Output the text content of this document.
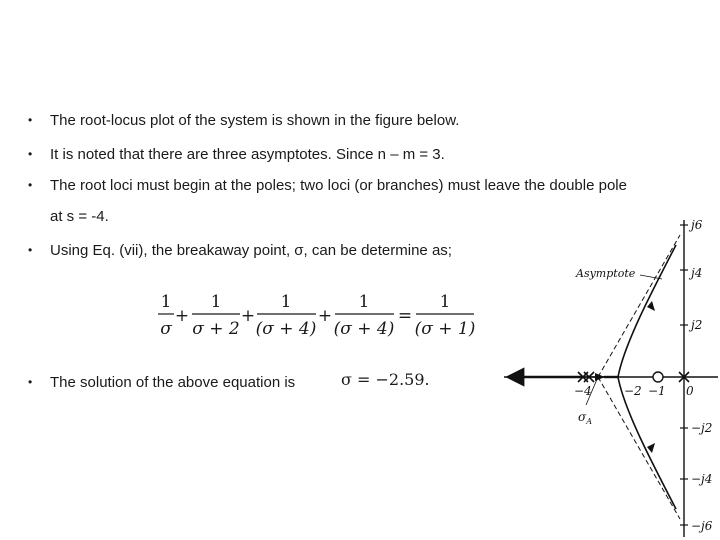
• The root-locus plot of the system is shown in the figure below.
• It is noted that there are three asymptotes. Since n – m = 3.
• The root loci must begin at the poles; two loci (or branches) must leave the double pole
at s = -4.
• Using Eq. (vii), the breakaway point, σ, can be determine as;
1
σ
+
1
σ + 2
+
1
(σ + 4)
+
1
(σ + 4)
=
1
(σ + 1)
• The solution of the above equation is	σ = −2.59.
j6
j4
j2
−j2
−j4
−j6
−4	−2 −1 0
$\sigma_A$
Asymptote
